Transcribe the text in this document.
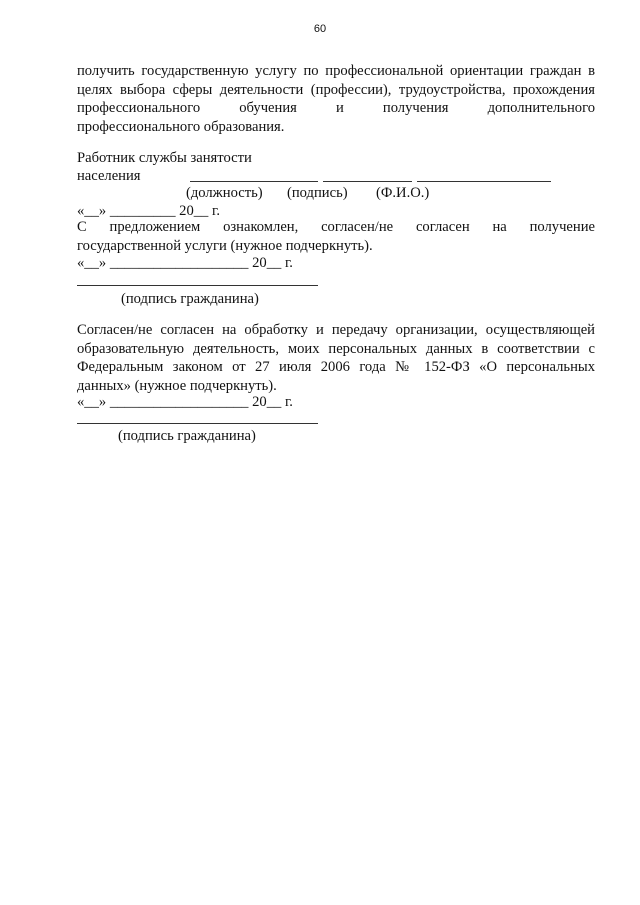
60
получить государственную услугу по профессиональной ориентации граждан в
целях выбора сферы деятельности (профессии), трудоустройства, прохождения
профессионального обучения и получения дополнительного
профессионального образования.
Работник службы занятости
населения
(должность) (подпись) (Ф.И.О.)
«__» _________ 20__ г.
С предложением ознакомлен, согласен/не согласен на получение
государственной услуги (нужное подчеркнуть).
«__» ___________________ 20__ г.
(подпись гражданина)
Согласен/не согласен на обработку и передачу организации, осуществляющей
образовательную деятельность, моих персональных данных в соответствии с
Федеральным законом от 27 июля 2006 года № 152-ФЗ «О персональных
данных» (нужное подчеркнуть).
«__» ___________________ 20__ г.
(подпись гражданина)
